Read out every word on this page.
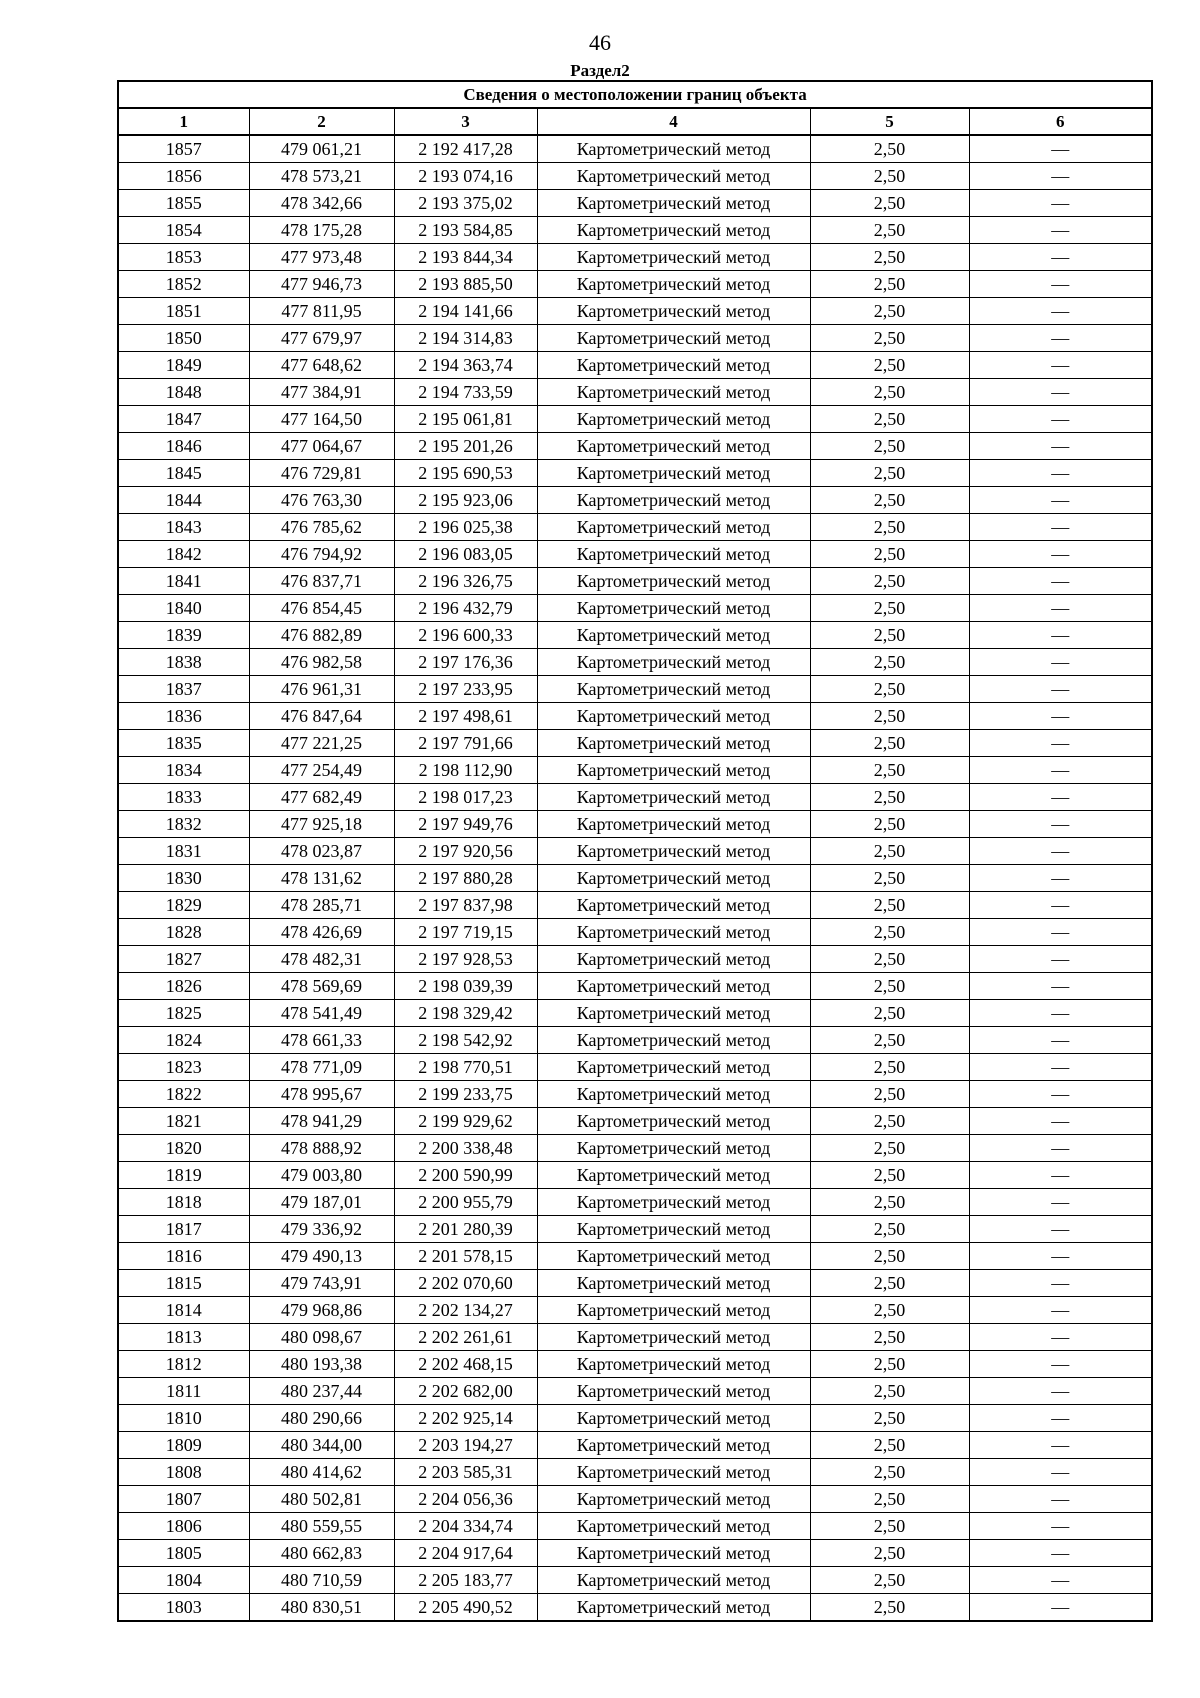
46
Раздел2
Сведения о местоположении границ объекта					
1	2	3	4	5	6
1857	479 061,21	2 192 417,28	Картометрический метод	2,50	—
1856	478 573,21	2 193 074,16	Картометрический метод	2,50	—
1855	478 342,66	2 193 375,02	Картометрический метод	2,50	—
1854	478 175,28	2 193 584,85	Картометрический метод	2,50	—
1853	477 973,48	2 193 844,34	Картометрический метод	2,50	—
1852	477 946,73	2 193 885,50	Картометрический метод	2,50	—
1851	477 811,95	2 194 141,66	Картометрический метод	2,50	—
1850	477 679,97	2 194 314,83	Картометрический метод	2,50	—
1849	477 648,62	2 194 363,74	Картометрический метод	2,50	—
1848	477 384,91	2 194 733,59	Картометрический метод	2,50	—
1847	477 164,50	2 195 061,81	Картометрический метод	2,50	—
1846	477 064,67	2 195 201,26	Картометрический метод	2,50	—
1845	476 729,81	2 195 690,53	Картометрический метод	2,50	—
1844	476 763,30	2 195 923,06	Картометрический метод	2,50	—
1843	476 785,62	2 196 025,38	Картометрический метод	2,50	—
1842	476 794,92	2 196 083,05	Картометрический метод	2,50	—
1841	476 837,71	2 196 326,75	Картометрический метод	2,50	—
1840	476 854,45	2 196 432,79	Картометрический метод	2,50	—
1839	476 882,89	2 196 600,33	Картометрический метод	2,50	—
1838	476 982,58	2 197 176,36	Картометрический метод	2,50	—
1837	476 961,31	2 197 233,95	Картометрический метод	2,50	—
1836	476 847,64	2 197 498,61	Картометрический метод	2,50	—
1835	477 221,25	2 197 791,66	Картометрический метод	2,50	—
1834	477 254,49	2 198 112,90	Картометрический метод	2,50	—
1833	477 682,49	2 198 017,23	Картометрический метод	2,50	—
1832	477 925,18	2 197 949,76	Картометрический метод	2,50	—
1831	478 023,87	2 197 920,56	Картометрический метод	2,50	—
1830	478 131,62	2 197 880,28	Картометрический метод	2,50	—
1829	478 285,71	2 197 837,98	Картометрический метод	2,50	—
1828	478 426,69	2 197 719,15	Картометрический метод	2,50	—
1827	478 482,31	2 197 928,53	Картометрический метод	2,50	—
1826	478 569,69	2 198 039,39	Картометрический метод	2,50	—
1825	478 541,49	2 198 329,42	Картометрический метод	2,50	—
1824	478 661,33	2 198 542,92	Картометрический метод	2,50	—
1823	478 771,09	2 198 770,51	Картометрический метод	2,50	—
1822	478 995,67	2 199 233,75	Картометрический метод	2,50	—
1821	478 941,29	2 199 929,62	Картометрический метод	2,50	—
1820	478 888,92	2 200 338,48	Картометрический метод	2,50	—
1819	479 003,80	2 200 590,99	Картометрический метод	2,50	—
1818	479 187,01	2 200 955,79	Картометрический метод	2,50	—
1817	479 336,92	2 201 280,39	Картометрический метод	2,50	—
1816	479 490,13	2 201 578,15	Картометрический метод	2,50	—
1815	479 743,91	2 202 070,60	Картометрический метод	2,50	—
1814	479 968,86	2 202 134,27	Картометрический метод	2,50	—
1813	480 098,67	2 202 261,61	Картометрический метод	2,50	—
1812	480 193,38	2 202 468,15	Картометрический метод	2,50	—
1811	480 237,44	2 202 682,00	Картометрический метод	2,50	—
1810	480 290,66	2 202 925,14	Картометрический метод	2,50	—
1809	480 344,00	2 203 194,27	Картометрический метод	2,50	—
1808	480 414,62	2 203 585,31	Картометрический метод	2,50	—
1807	480 502,81	2 204 056,36	Картометрический метод	2,50	—
1806	480 559,55	2 204 334,74	Картометрический метод	2,50	—
1805	480 662,83	2 204 917,64	Картометрический метод	2,50	—
1804	480 710,59	2 205 183,77	Картометрический метод	2,50	—
1803	480 830,51	2 205 490,52	Картометрический метод	2,50	—
